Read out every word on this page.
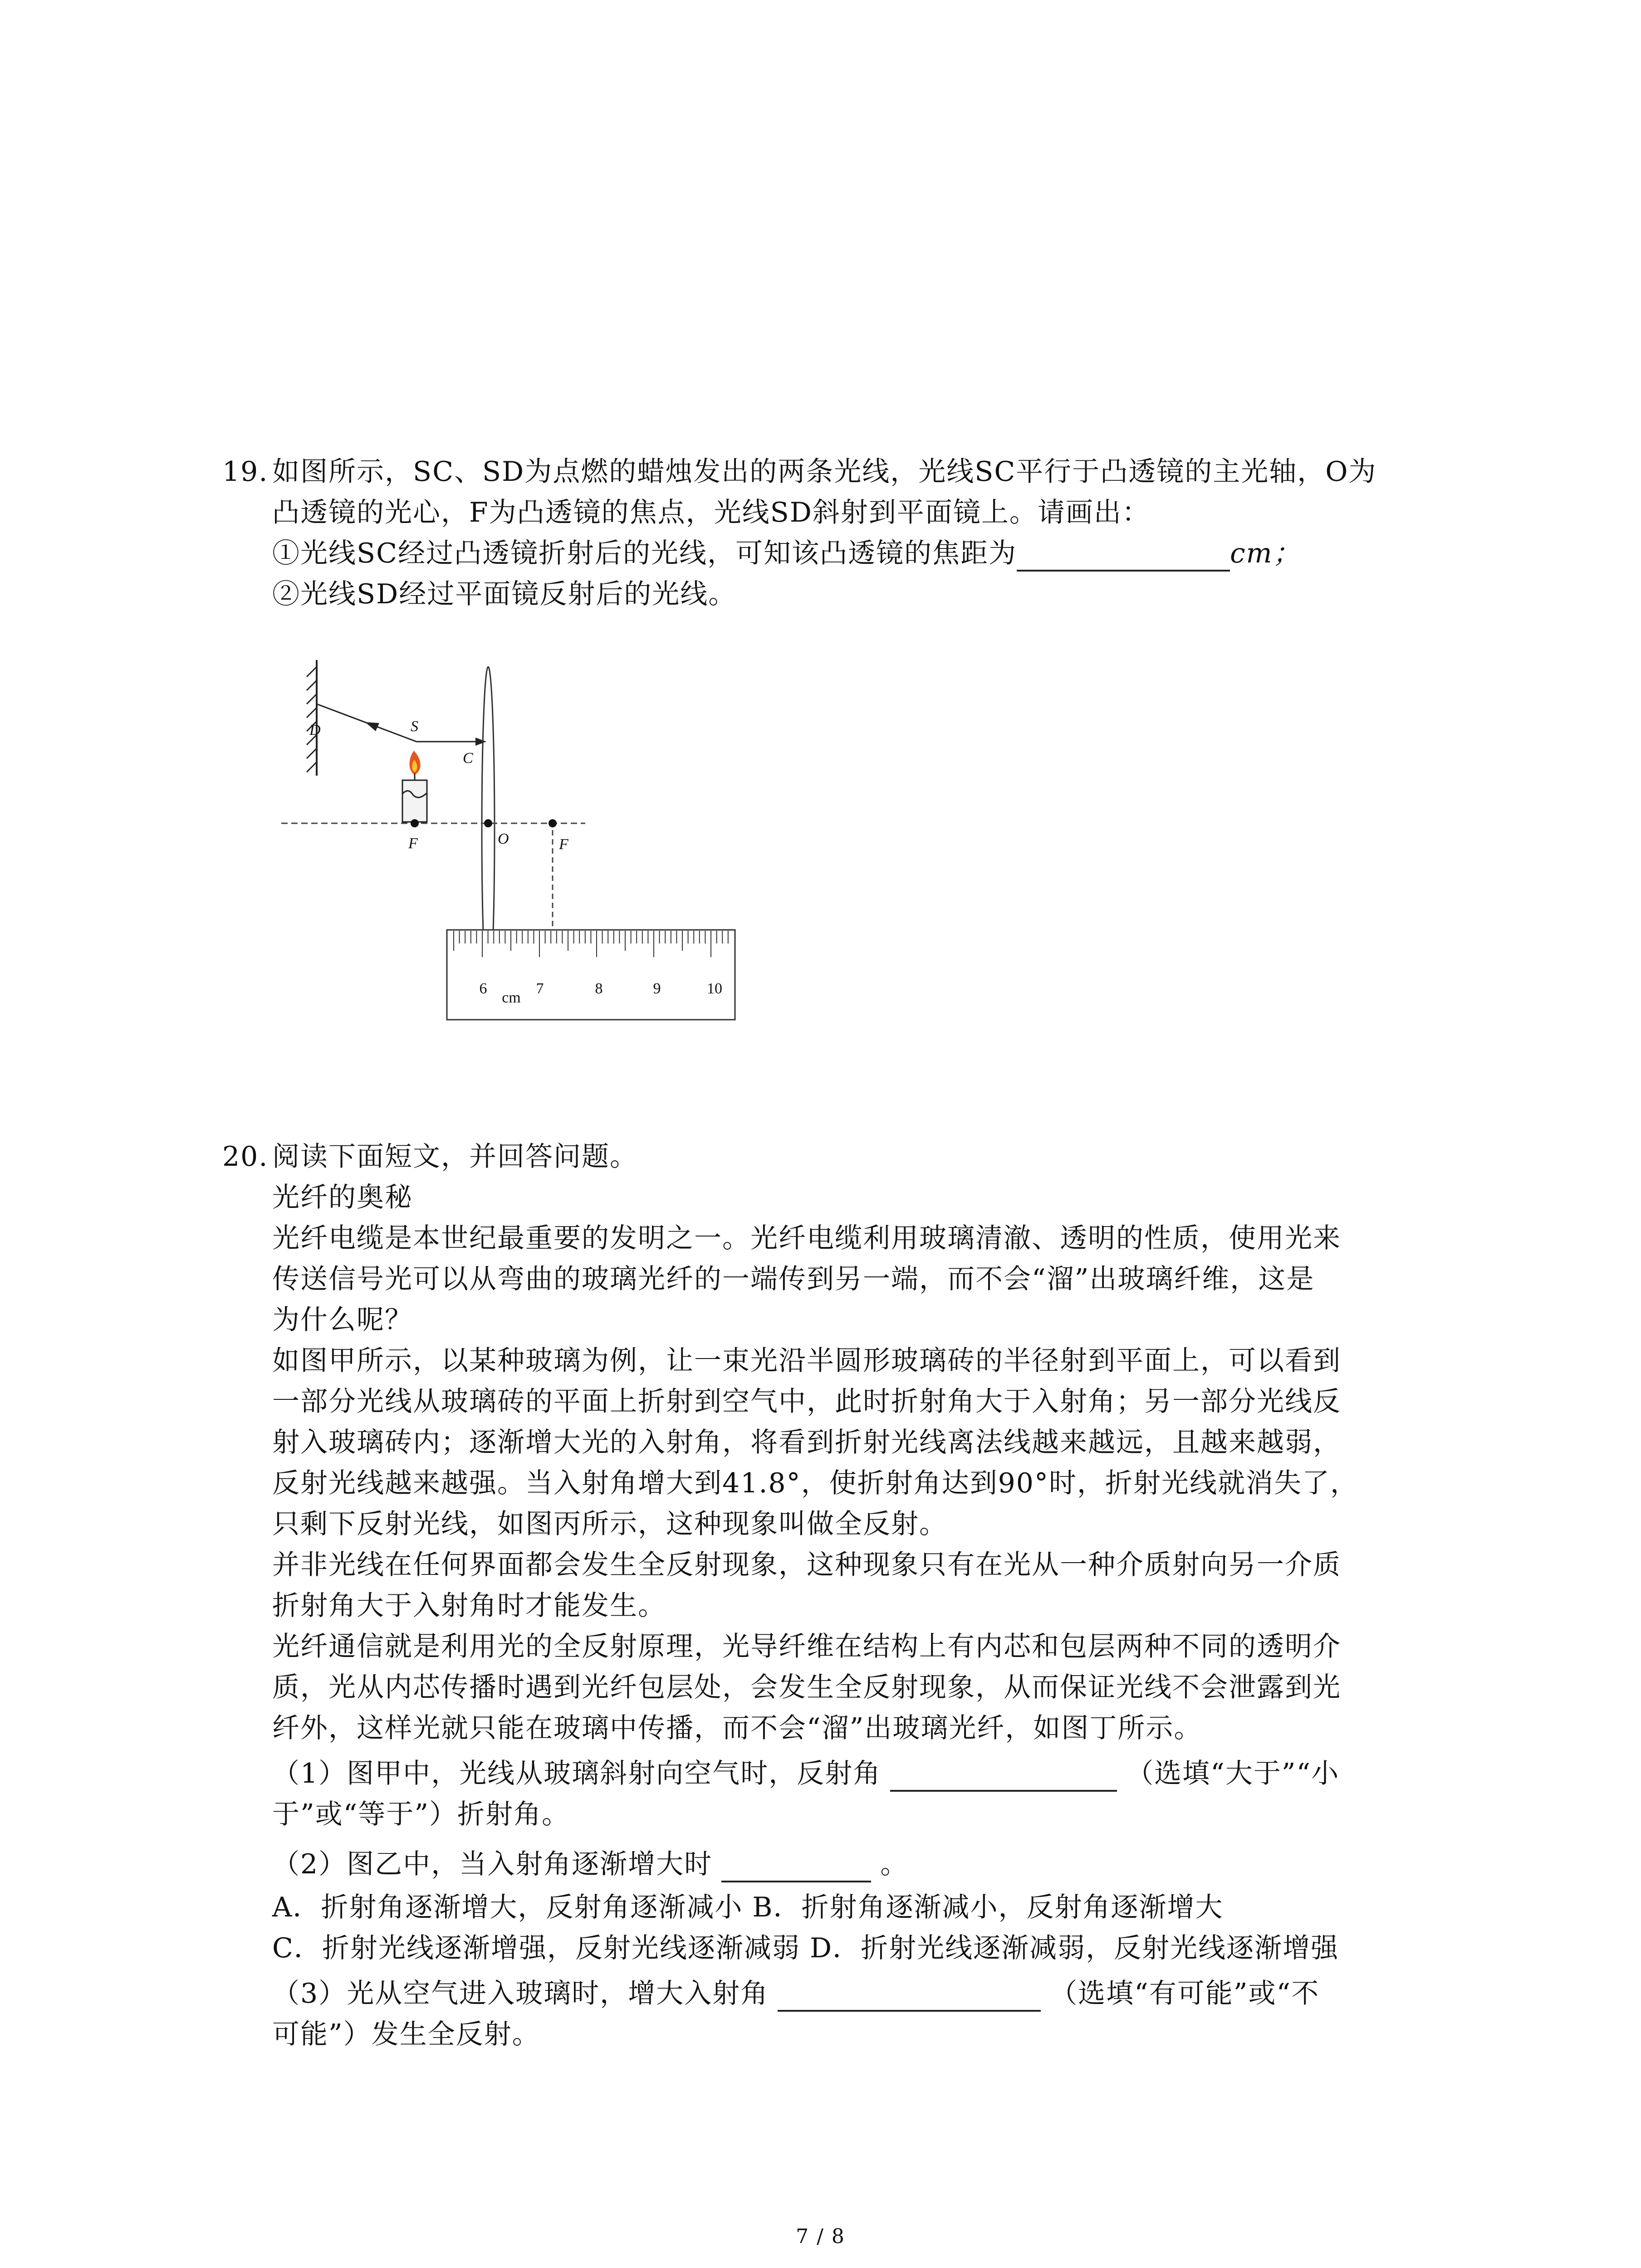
19. 如图所示，SC、SD为点燃的蜡烛发出的两条光线，光线SC平行于凸透镜的主光轴，O为
凸透镜的光心，F为凸透镜的焦点，光线SD斜射到平面镜上。请画出：
①光线SC经过凸透镜折射后的光线，可知该凸透镜的焦距为	cm；
②光线SD经过平面镜反射后的光线。
D	S
C
F	O	F
6	7	8	9	10
cm
20. 阅读下面短文，并回答问题。
光纤的奥秘
光纤电缆是本世纪最重要的发明之一。光纤电缆利用玻璃清澈、透明的性质，使用光来
传送信号光可以从弯曲的玻璃光纤的一端传到另一端，而不会“溜”出玻璃纤维，这是
为什么呢？
如图甲所示，以某种玻璃为例，让一束光沿半圆形玻璃砖的半径射到平面上，可以看到
一部分光线从玻璃砖的平面上折射到空气中，此时折射角大于入射角；另一部分光线反
射入玻璃砖内；逐渐增大光的入射角，将看到折射光线离法线越来越远，且越来越弱，
反射光线越来越强。当入射角增大到41.8°，使折射角达到90°时，折射光线就消失了，
只剩下反射光线，如图丙所示，这种现象叫做全反射。
并非光线在任何界面都会发生全反射现象，这种现象只有在光从一种介质射向另一介质
折射角大于入射角时才能发生。
光纤通信就是利用光的全反射原理，光导纤维在结构上有内芯和包层两种不同的透明介
质，光从内芯传播时遇到光纤包层处，会发生全反射现象，从而保证光线不会泄露到光
纤外，这样光就只能在玻璃中传播，而不会“溜”出玻璃光纤，如图丁所示。
（1）图甲中，光线从玻璃斜射向空气时，反射角	（选填“大于”“小
于”或“等于”）折射角。
（2）图乙中，当入射角逐渐增大时	。
A．折射角逐渐增大，反射角逐渐减小 B．折射角逐渐减小，反射角逐渐增大
C．折射光线逐渐增强，反射光线逐渐减弱 D．折射光线逐渐减弱，反射光线逐渐增强
（3）光从空气进入玻璃时，增大入射角	（选填“有可能”或“不
可能”）发生全反射。
7 / 8
